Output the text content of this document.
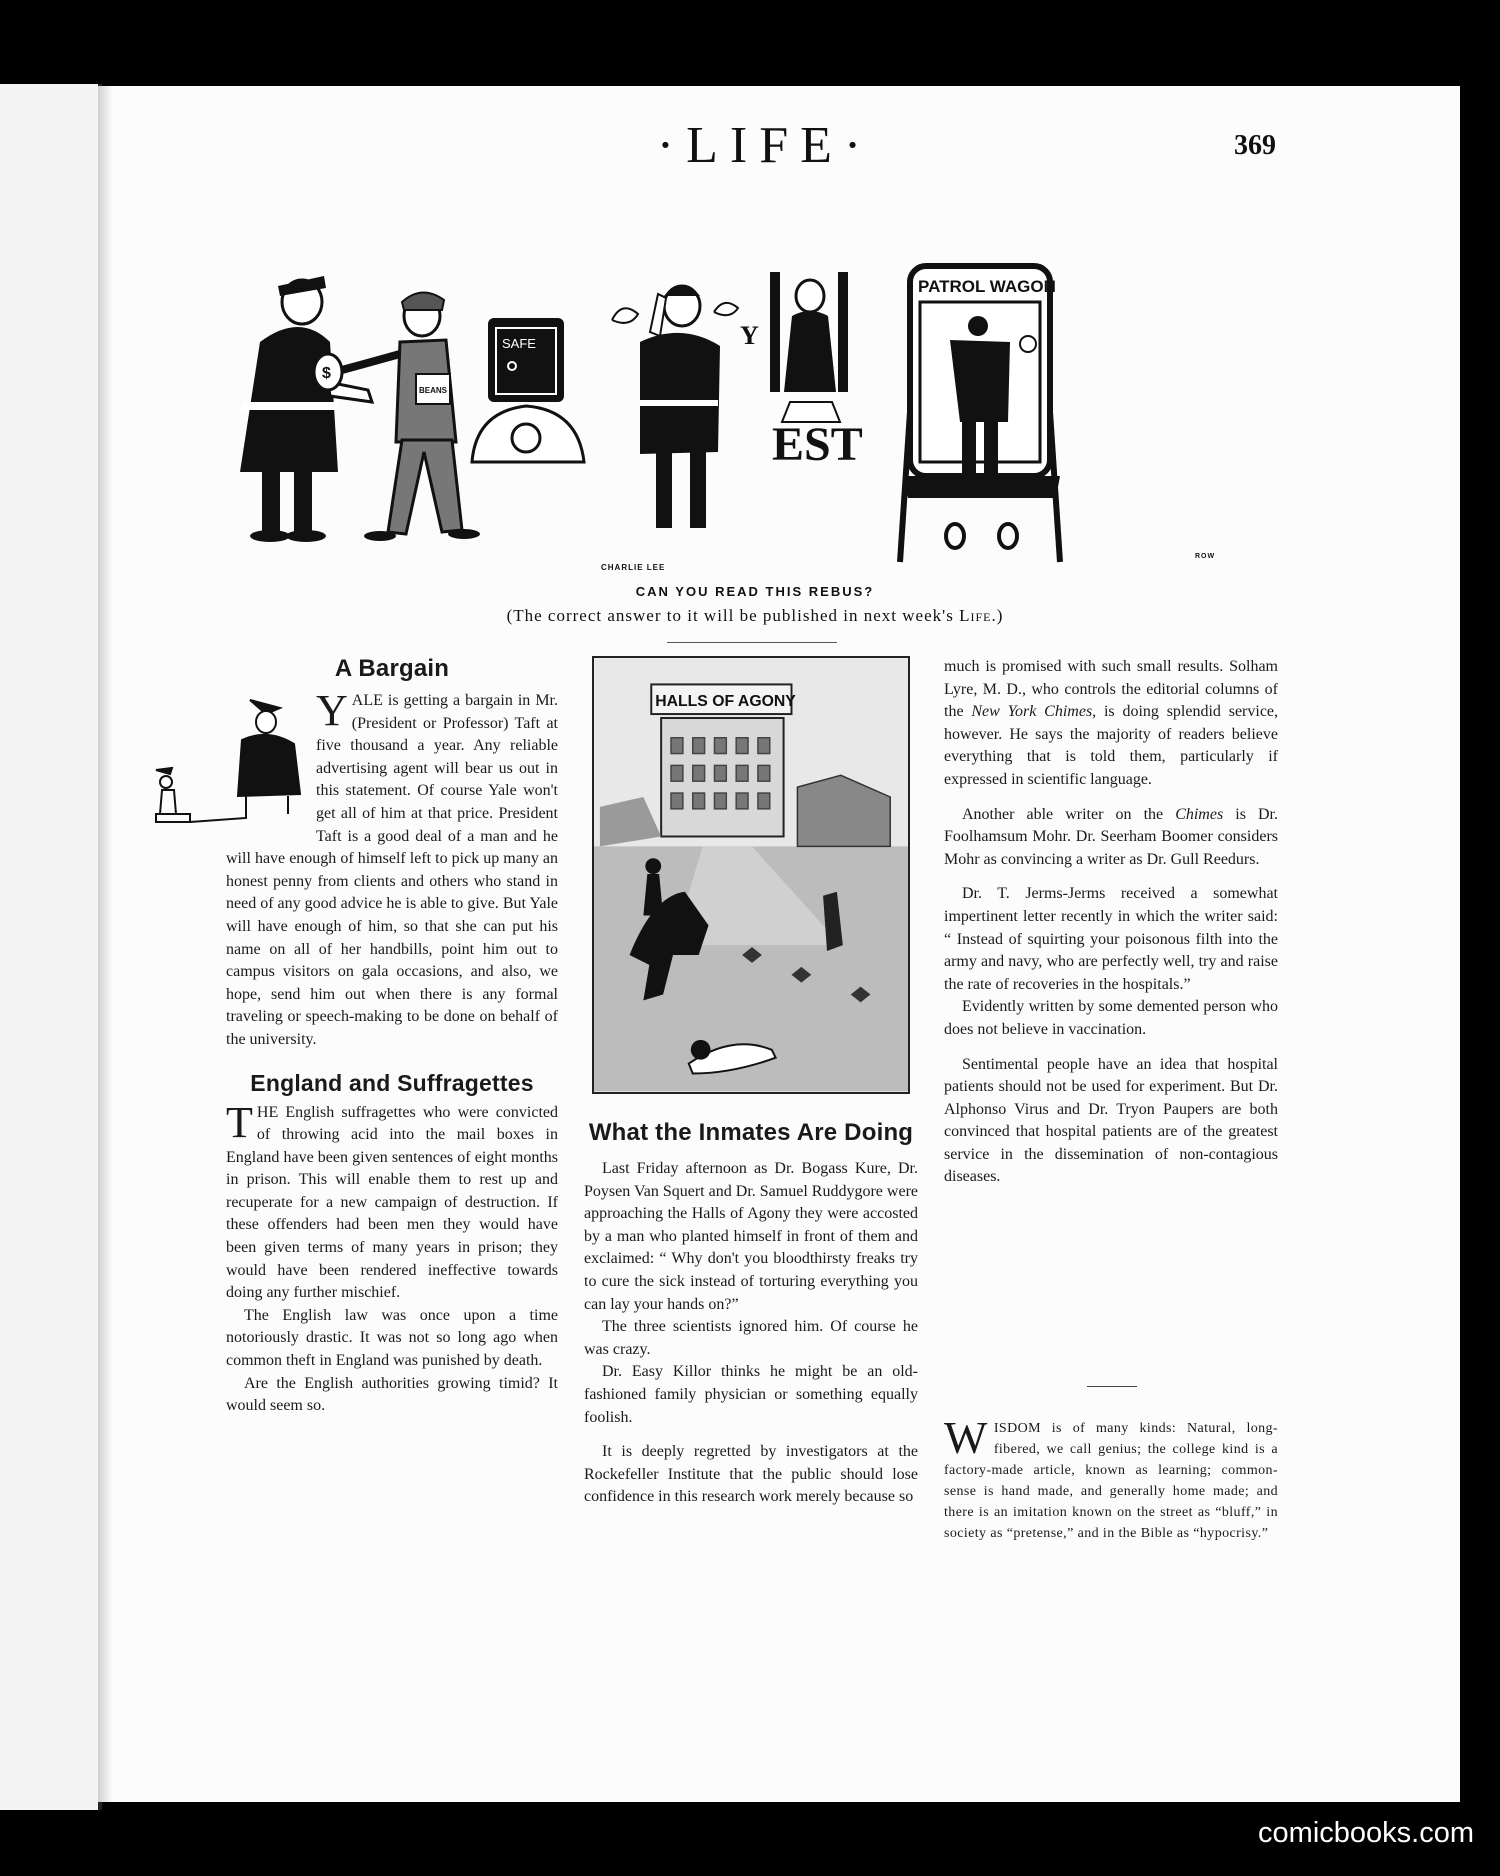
·LIFE·	369
$
BEANS
SAFE	Y
EST
PATROL WAGON
CHARLIE LEE
ROW
CAN YOU READ THIS REBUS?
(The correct answer to it will be published in next week's Life.)
A Bargain

YALE is getting a bargain in Mr. (President or Professor) Taft at five thousand a year. Any reliable advertising agent will bear us out in this statement. Of course Yale won't get all of him at that price. President Taft is a good deal of a man and he will have enough of himself left to pick up many an honest penny from clients and others who stand in need of any good advice he is able to give. But Yale will have enough of him, so that she can put his name on all of her handbills, point him out to campus visitors on gala occasions, and also, we hope, send him out when there is any formal traveling or speech-making to be done on behalf of the university.

England and Suffragettes

THE English suffragettes who were convicted of throwing acid into the mail boxes in England have been given sentences of eight months in prison. This will enable them to rest up and recuperate for a new campaign of destruction. If these offenders had been men they would have been given terms of many years in prison; they would have been rendered ineffective towards doing any further mischief.

The English law was once upon a time notoriously drastic. It was not so long ago when common theft in England was punished by death.

Are the English authorities growing timid? It would seem so.

HALLS OF AGONY
What the Inmates Are Doing

Last Friday afternoon as Dr. Bogass Kure, Dr. Poysen Van Squert and Dr. Samuel Ruddygore were approaching the Halls of Agony they were accosted by a man who planted himself in front of them and exclaimed: “ Why don't you bloodthirsty freaks try to cure the sick instead of torturing everything you can lay your hands on?”

The three scientists ignored him. Of course he was crazy.

Dr. Easy Killor thinks he might be an old-fashioned family physician or something equally foolish.

It is deeply regretted by investigators at the Rockefeller Institute that the public should lose confidence in this research work merely because so

much is promised with such small results. Solham Lyre, M. D., who controls the editorial columns of the New York Chimes, is doing splendid service, however. He says the majority of readers believe everything that is told them, particularly if expressed in scientific language.

Another able writer on the Chimes is Dr. Foolhamsum Mohr. Dr. Seerham Boomer considers Mohr as convincing a writer as Dr. Gull Reedurs.

Dr. T. Jerms-Jerms received a somewhat impertinent letter recently in which the writer said: “ Instead of squirting your poisonous filth into the army and navy, who are perfectly well, try and raise the rate of recoveries in the hospitals.”

Evidently written by some demented person who does not believe in vaccination.

Sentimental people have an idea that hospital patients should not be used for experiment. But Dr. Alphonso Virus and Dr. Tryon Paupers are both convinced that hospital patients are of the greatest service in the dissemination of non-contagious diseases.

WISDOM is of many kinds: Natural, long-fibered, we call genius; the college kind is a factory-made article, known as learning; common-sense is hand made, and generally home made; and there is an imitation known on the street as “bluff,” in society as “pretense,” and in the Bible as “hypocrisy.”
comicbooks.com
